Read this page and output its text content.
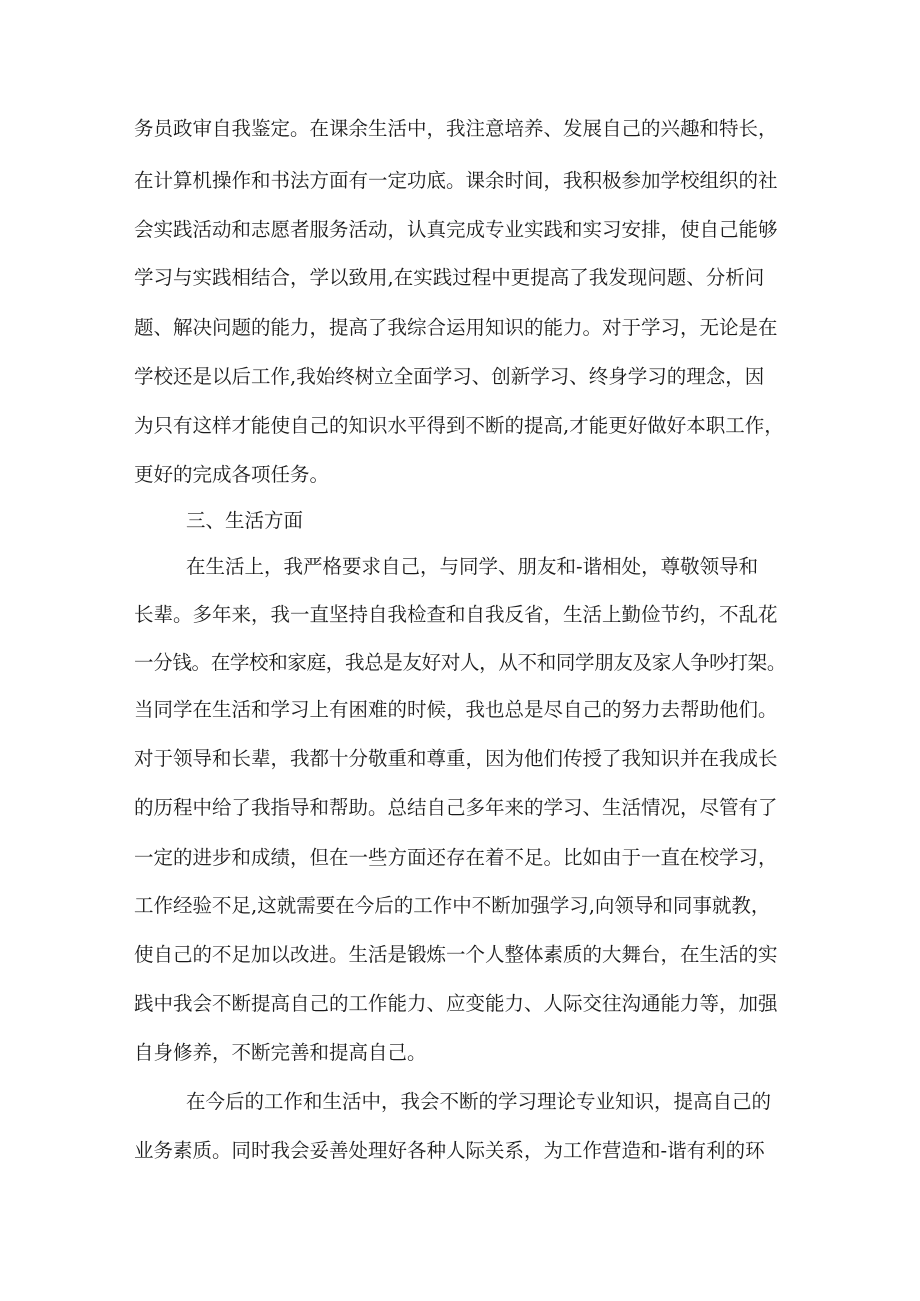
务员政审自我鉴定。在课余生活中，我注意培养、发展自己的兴趣和特长，

在计算机操作和书法方面有一定功底。课余时间，我积极参加学校组织的社

会实践活动和志愿者服务活动，认真完成专业实践和实习安排，使自己能够

学习与实践相结合，学以致用,在实践过程中更提高了我发现问题、分析问

题、解决问题的能力，提高了我综合运用知识的能力。对于学习，无论是在

学校还是以后工作,我始终树立全面学习、创新学习、终身学习的理念，因

为只有这样才能使自己的知识水平得到不断的提高,才能更好做好本职工作，

更好的完成各项任务。

三、生活方面

在生活上，我严格要求自己，与同学、朋友和-谐相处，尊敬领导和

长辈。多年来，我一直坚持自我检查和自我反省，生活上勤俭节约，不乱花

一分钱。在学校和家庭，我总是友好对人，从不和同学朋友及家人争吵打架。

当同学在生活和学习上有困难的时候，我也总是尽自己的努力去帮助他们。

对于领导和长辈，我都十分敬重和尊重，因为他们传授了我知识并在我成长

的历程中给了我指导和帮助。总结自己多年来的学习、生活情况，尽管有了

一定的进步和成绩，但在一些方面还存在着不足。比如由于一直在校学习，

工作经验不足,这就需要在今后的工作中不断加强学习,向领导和同事就教，

使自己的不足加以改进。生活是锻炼一个人整体素质的大舞台，在生活的实

践中我会不断提高自己的工作能力、应变能力、人际交往沟通能力等，加强

自身修养，不断完善和提高自己。

在今后的工作和生活中，我会不断的学习理论专业知识，提高自己的

业务素质。同时我会妥善处理好各种人际关系，为工作营造和-谐有利的环
